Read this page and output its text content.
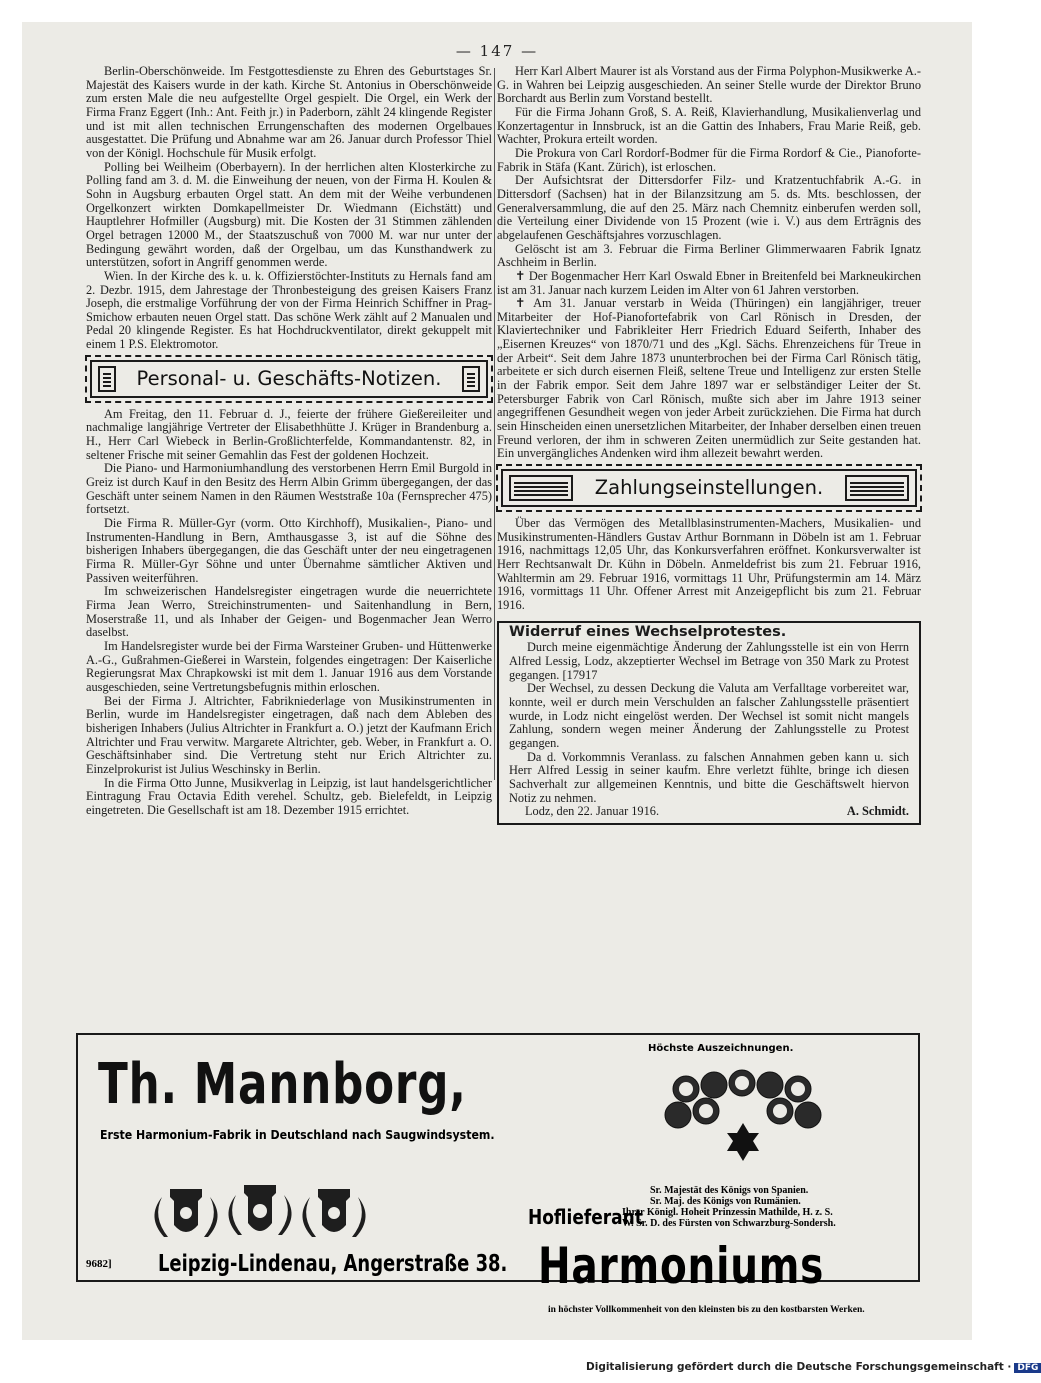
— 147 —

Berlin-Oberschönweide. Im Festgottesdienste zu Ehren des Geburtstages Sr. Majestät des Kaisers wurde in der kath. Kirche St. Antonius in Oberschönweide zum ersten Male die neu aufgestellte Orgel gespielt. Die Orgel, ein Werk der Firma Franz Eggert (Inh.: Ant. Feith jr.) in Paderborn, zählt 24 klingende Register und ist mit allen technischen Errungenschaften des modernen Orgelbaues ausgestattet. Die Prüfung und Abnahme war am 26. Januar durch Professor Thiel von der Königl. Hochschule für Musik erfolgt.

Polling bei Weilheim (Oberbayern). In der herrlichen alten Klosterkirche zu Polling fand am 3. d. M. die Einweihung der neuen, von der Firma H. Koulen & Sohn in Augsburg erbauten Orgel statt. An dem mit der Weihe verbundenen Orgelkonzert wirkten Domkapellmeister Dr. Wiedmann (Eichstätt) und Hauptlehrer Hofmiller (Augsburg) mit. Die Kosten der 31 Stimmen zählenden Orgel betragen 12000 M., der Staatszuschuß von 7000 M. war nur unter der Bedingung gewährt worden, daß der Orgelbau, um das Kunsthandwerk zu unterstützen, sofort in Angriff genommen werde.

Wien. In der Kirche des k. u. k. Offizierstöchter-Instituts zu Hernals fand am 2. Dezbr. 1915, dem Jahrestage der Thronbesteigung des greisen Kaisers Franz Joseph, die erstmalige Vorführung der von der Firma Heinrich Schiffner in Prag-Smichow erbauten neuen Orgel statt. Das schöne Werk zählt auf 2 Manualen und Pedal 20 klingende Register. Es hat Hochdruckventilator, direkt gekuppelt mit einem 1 P.S. Elektromotor.

Personal- u. Geschäfts-Notizen.

Am Freitag, den 11. Februar d. J., feierte der frühere Gießereileiter und nachmalige langjährige Vertreter der Elisabethhütte J. Krüger in Brandenburg a. H., Herr Carl Wiebeck in Berlin-Großlichterfelde, Kommandantenstr. 82, in seltener Frische mit seiner Gemahlin das Fest der goldenen Hochzeit.

Die Piano- und Harmoniumhandlung des verstorbenen Herrn Emil Burgold in Greiz ist durch Kauf in den Besitz des Herrn Albin Grimm übergegangen, der das Geschäft unter seinem Namen in den Räumen Weststraße 10a (Fernsprecher 475) fortsetzt.

Die Firma R. Müller-Gyr (vorm. Otto Kirchhoff), Musikalien-, Piano- und Instrumenten-Handlung in Bern, Amthausgasse 3, ist auf die Söhne des bisherigen Inhabers übergegangen, die das Geschäft unter der neu eingetragenen Firma R. Müller-Gyr Söhne und unter Übernahme sämtlicher Aktiven und Passiven weiterführen.

Im schweizerischen Handelsregister eingetragen wurde die neuerrichtete Firma Jean Werro, Streichinstrumenten- und Saitenhandlung in Bern, Moserstraße 11, und als Inhaber der Geigen- und Bogenmacher Jean Werro daselbst.

Im Handelsregister wurde bei der Firma Warsteiner Gruben- und Hüttenwerke A.-G., Gußrahmen-Gießerei in Warstein, folgendes eingetragen: Der Kaiserliche Regierungsrat Max Chrapkowski ist mit dem 1. Januar 1916 aus dem Vorstande ausgeschieden, seine Vertretungsbefugnis mithin erloschen.

Bei der Firma J. Altrichter, Fabrikniederlage von Musikinstrumenten in Berlin, wurde im Handelsregister eingetragen, daß nach dem Ableben des bisherigen Inhabers (Julius Altrichter in Frankfurt a. O.) jetzt der Kaufmann Erich Altrichter und Frau verwitw. Margarete Altrichter, geb. Weber, in Frankfurt a. O. Geschäftsinhaber sind. Die Vertretung steht nur Erich Altrichter zu. Einzelprokurist ist Julius Weschinsky in Berlin.

In die Firma Otto Junne, Musikverlag in Leipzig, ist laut handelsgerichtlicher Eintragung Frau Octavia Edith verehel. Schultz, geb. Bielefeldt, in Leipzig eingetreten. Die Gesellschaft ist am 18. Dezember 1915 errichtet.

Herr Karl Albert Maurer ist als Vorstand aus der Firma Polyphon-Musikwerke A.-G. in Wahren bei Leipzig ausgeschieden. An seiner Stelle wurde der Direktor Bruno Borchardt aus Berlin zum Vorstand bestellt.

Für die Firma Johann Groß, S. A. Reiß, Klavierhandlung, Musikalienverlag und Konzertagentur in Innsbruck, ist an die Gattin des Inhabers, Frau Marie Reiß, geb. Wachter, Prokura erteilt worden.

Die Prokura von Carl Rordorf-Bodmer für die Firma Rordorf & Cie., Pianoforte-Fabrik in Stäfa (Kant. Zürich), ist erloschen.

Der Aufsichtsrat der Dittersdorfer Filz- und Kratzentuchfabrik A.-G. in Dittersdorf (Sachsen) hat in der Bilanzsitzung am 5. ds. Mts. beschlossen, der Generalversammlung, die auf den 25. März nach Chemnitz einberufen werden soll, die Verteilung einer Dividende von 15 Prozent (wie i. V.) aus dem Ertrāgnis des abgelaufenen Geschäftsjahres vorzuschlagen.

Gelöscht ist am 3. Februar die Firma Berliner Glimmerwaaren Fabrik Ignatz Aschheim in Berlin.

✝ Der Bogenmacher Herr Karl Oswald Ebner in Breitenfeld bei Markneukirchen ist am 31. Januar nach kurzem Leiden im Alter von 61 Jahren verstorben.

✝ Am 31. Januar verstarb in Weida (Thüringen) ein langjähriger, treuer Mitarbeiter der Hof-Pianofortefabrik von Carl Rönisch in Dresden, der Klaviertechniker und Fabrikleiter Herr Friedrich Eduard Seiferth, Inhaber des „Eisernen Kreuzes“ von 1870/71 und des „Kgl. Sächs. Ehrenzeichens für Treue in der Arbeit“. Seit dem Jahre 1873 ununterbrochen bei der Firma Carl Rönisch tätig, arbeitete er sich durch eisernen Fleiß, seltene Treue und Intelligenz zur ersten Stelle in der Fabrik empor. Seit dem Jahre 1897 war er selbständiger Leiter der St. Petersburger Fabrik von Carl Rönisch, mußte sich aber im Jahre 1913 seiner angegriffenen Gesundheit wegen von jeder Arbeit zurückziehen. Die Firma hat durch sein Hinscheiden einen unersetzlichen Mitarbeiter, der Inhaber derselben einen treuen Freund verloren, der ihm in schweren Zeiten unermüdlich zur Seite gestanden hat. Ein unvergängliches Andenken wird ihm allezeit bewahrt werden.

Zahlungseinstellungen.

Über das Vermögen des Metallblasinstrumenten-Machers, Musikalien- und Musikinstrumenten-Händlers Gustav Arthur Bornmann in Döbeln ist am 1. Februar 1916, nachmittags 12,05 Uhr, das Konkursverfahren eröffnet. Konkursverwalter ist Herr Rechtsanwalt Dr. Kühn in Döbeln. Anmeldefrist bis zum 21. Februar 1916, Wahltermin am 29. Februar 1916, vormittags 11 Uhr, Prüfungstermin am 14. März 1916, vormittags 11 Uhr. Offener Arrest mit Anzeigepflicht bis zum 21. Februar 1916.

Widerruf eines Wechselprotestes.

Durch meine eigenmächtige Änderung der Zahlungsstelle ist ein von Herrn Alfred Lessig, Lodz, akzeptierter Wechsel im Betrage von 350 Mark zu Protest gegangen. [17917

Der Wechsel, zu dessen Deckung die Valuta am Verfalltage vorbereitet war, konnte, weil er durch mein Verschulden an falscher Zahlungsstelle präsentiert wurde, in Lodz nicht eingelöst werden. Der Wechsel ist somit nicht mangels Zahlung, sondern wegen meiner Änderung der Zahlungsstelle zu Protest gegangen.

Da d. Vorkommnis Veranlass. zu falschen Annahmen geben kann u. sich Herr Alfred Lessig in seiner kaufm. Ehre verletzt fühlte, bringe ich diesen Sachverhalt zur allgemeinen Kenntnis, und bitte die Geschäftswelt hiervon Notiz zu nehmen.

Lodz, den 22. Januar 1916.	A. Schmidt.
Th. Mannborg,
Erste Harmonium-Fabrik in Deutschland nach Saugwindsystem.
Höchste Auszeichnungen.
Hoflieferant
Sr. Majestät des Königs von Spanien.
Sr. Maj. des Königs von Rumänien.
Ihrer Königl. Hoheit Prinzessin Mathilde, H. z. S.
W. Sr. D. des Fürsten von Schwarzburg-Sondersh.
Harmoniums
Leipzig-Lindenau, Angerstraße 38.
9682]
in höchster Vollkommenheit von den kleinsten bis zu den kostbarsten Werken.
Digitalisierung gefördert durch die Deutsche Forschungsgemeinschaft · DFG
